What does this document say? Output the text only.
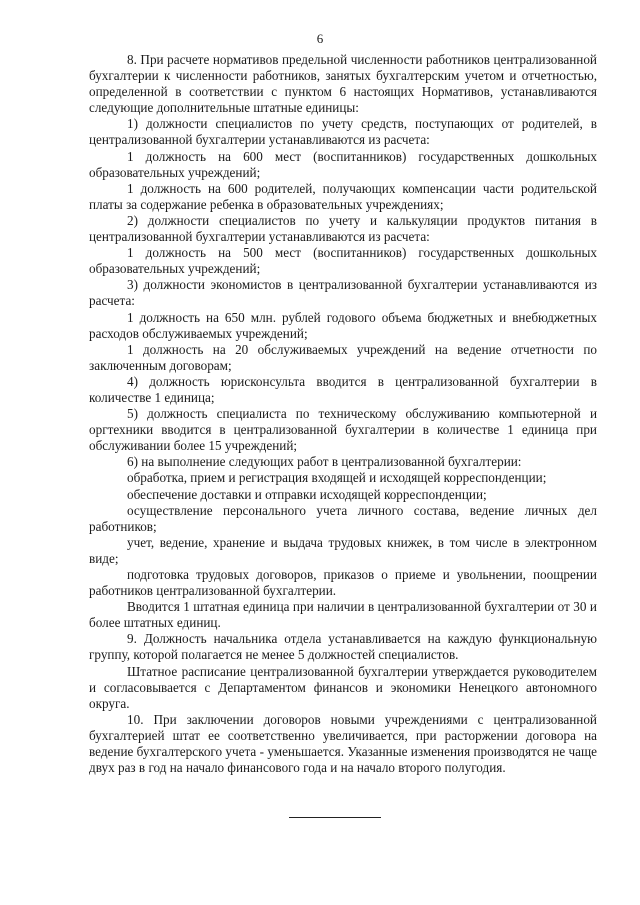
6

8. При расчете нормативов предельной численности работников централизованной бухгалтерии к численности работников, занятых бухгалтерским учетом и отчетностью, определенной в соответствии с пунктом 6 настоящих Нормативов, устанавливаются следующие дополнительные штатные единицы:

1) должности специалистов по учету средств, поступающих от родителей, в централизованной бухгалтерии устанавливаются из расчета:

1 должность на 600 мест (воспитанников) государственных дошкольных образовательных учреждений;

1 должность на 600 родителей, получающих компенсации части родительской платы за содержание ребенка в образовательных учреждениях;

2) должности специалистов по учету и калькуляции продуктов питания в централизованной бухгалтерии устанавливаются из расчета:

1 должность на 500 мест (воспитанников) государственных дошкольных образовательных учреждений;

3) должности экономистов в централизованной бухгалтерии устанавливаются из расчета:

1 должность на 650 млн. рублей годового объема бюджетных и внебюджетных расходов обслуживаемых учреждений;

1 должность на 20 обслуживаемых учреждений на ведение отчетности по заключенным договорам;

4) должность юрисконсульта вводится в централизованной бухгалтерии в количестве 1 единица;

5) должность специалиста по техническому обслуживанию компьютерной и оргтехники вводится в централизованной бухгалтерии в количестве 1 единица при обслуживании более 15 учреждений;

6) на выполнение следующих работ в централизованной бухгалтерии:

обработка, прием и регистрация входящей и исходящей корреспонденции;

обеспечение доставки и отправки исходящей корреспонденции;

осуществление персонального учета личного состава, ведение личных дел работников;

учет, ведение, хранение и выдача трудовых книжек, в том числе в электронном виде;

подготовка трудовых договоров, приказов о приеме и увольнении, поощрении работников централизованной бухгалтерии.

Вводится 1 штатная единица при наличии в централизованной бухгалтерии от 30 и более штатных единиц.

9. Должность начальника отдела устанавливается на каждую функциональную группу, которой полагается не менее 5 должностей специалистов.

Штатное расписание централизованной бухгалтерии утверждается руководителем и согласовывается с Департаментом финансов и экономики Ненецкого автономного округа.

10. При заключении договоров новыми учреждениями с централизованной бухгалтерией штат ее соответственно увеличивается, при расторжении договора на ведение бухгалтерского учета - уменьшается. Указанные изменения производятся не чаще двух раз в год на начало финансового года и на начало второго полугодия.
